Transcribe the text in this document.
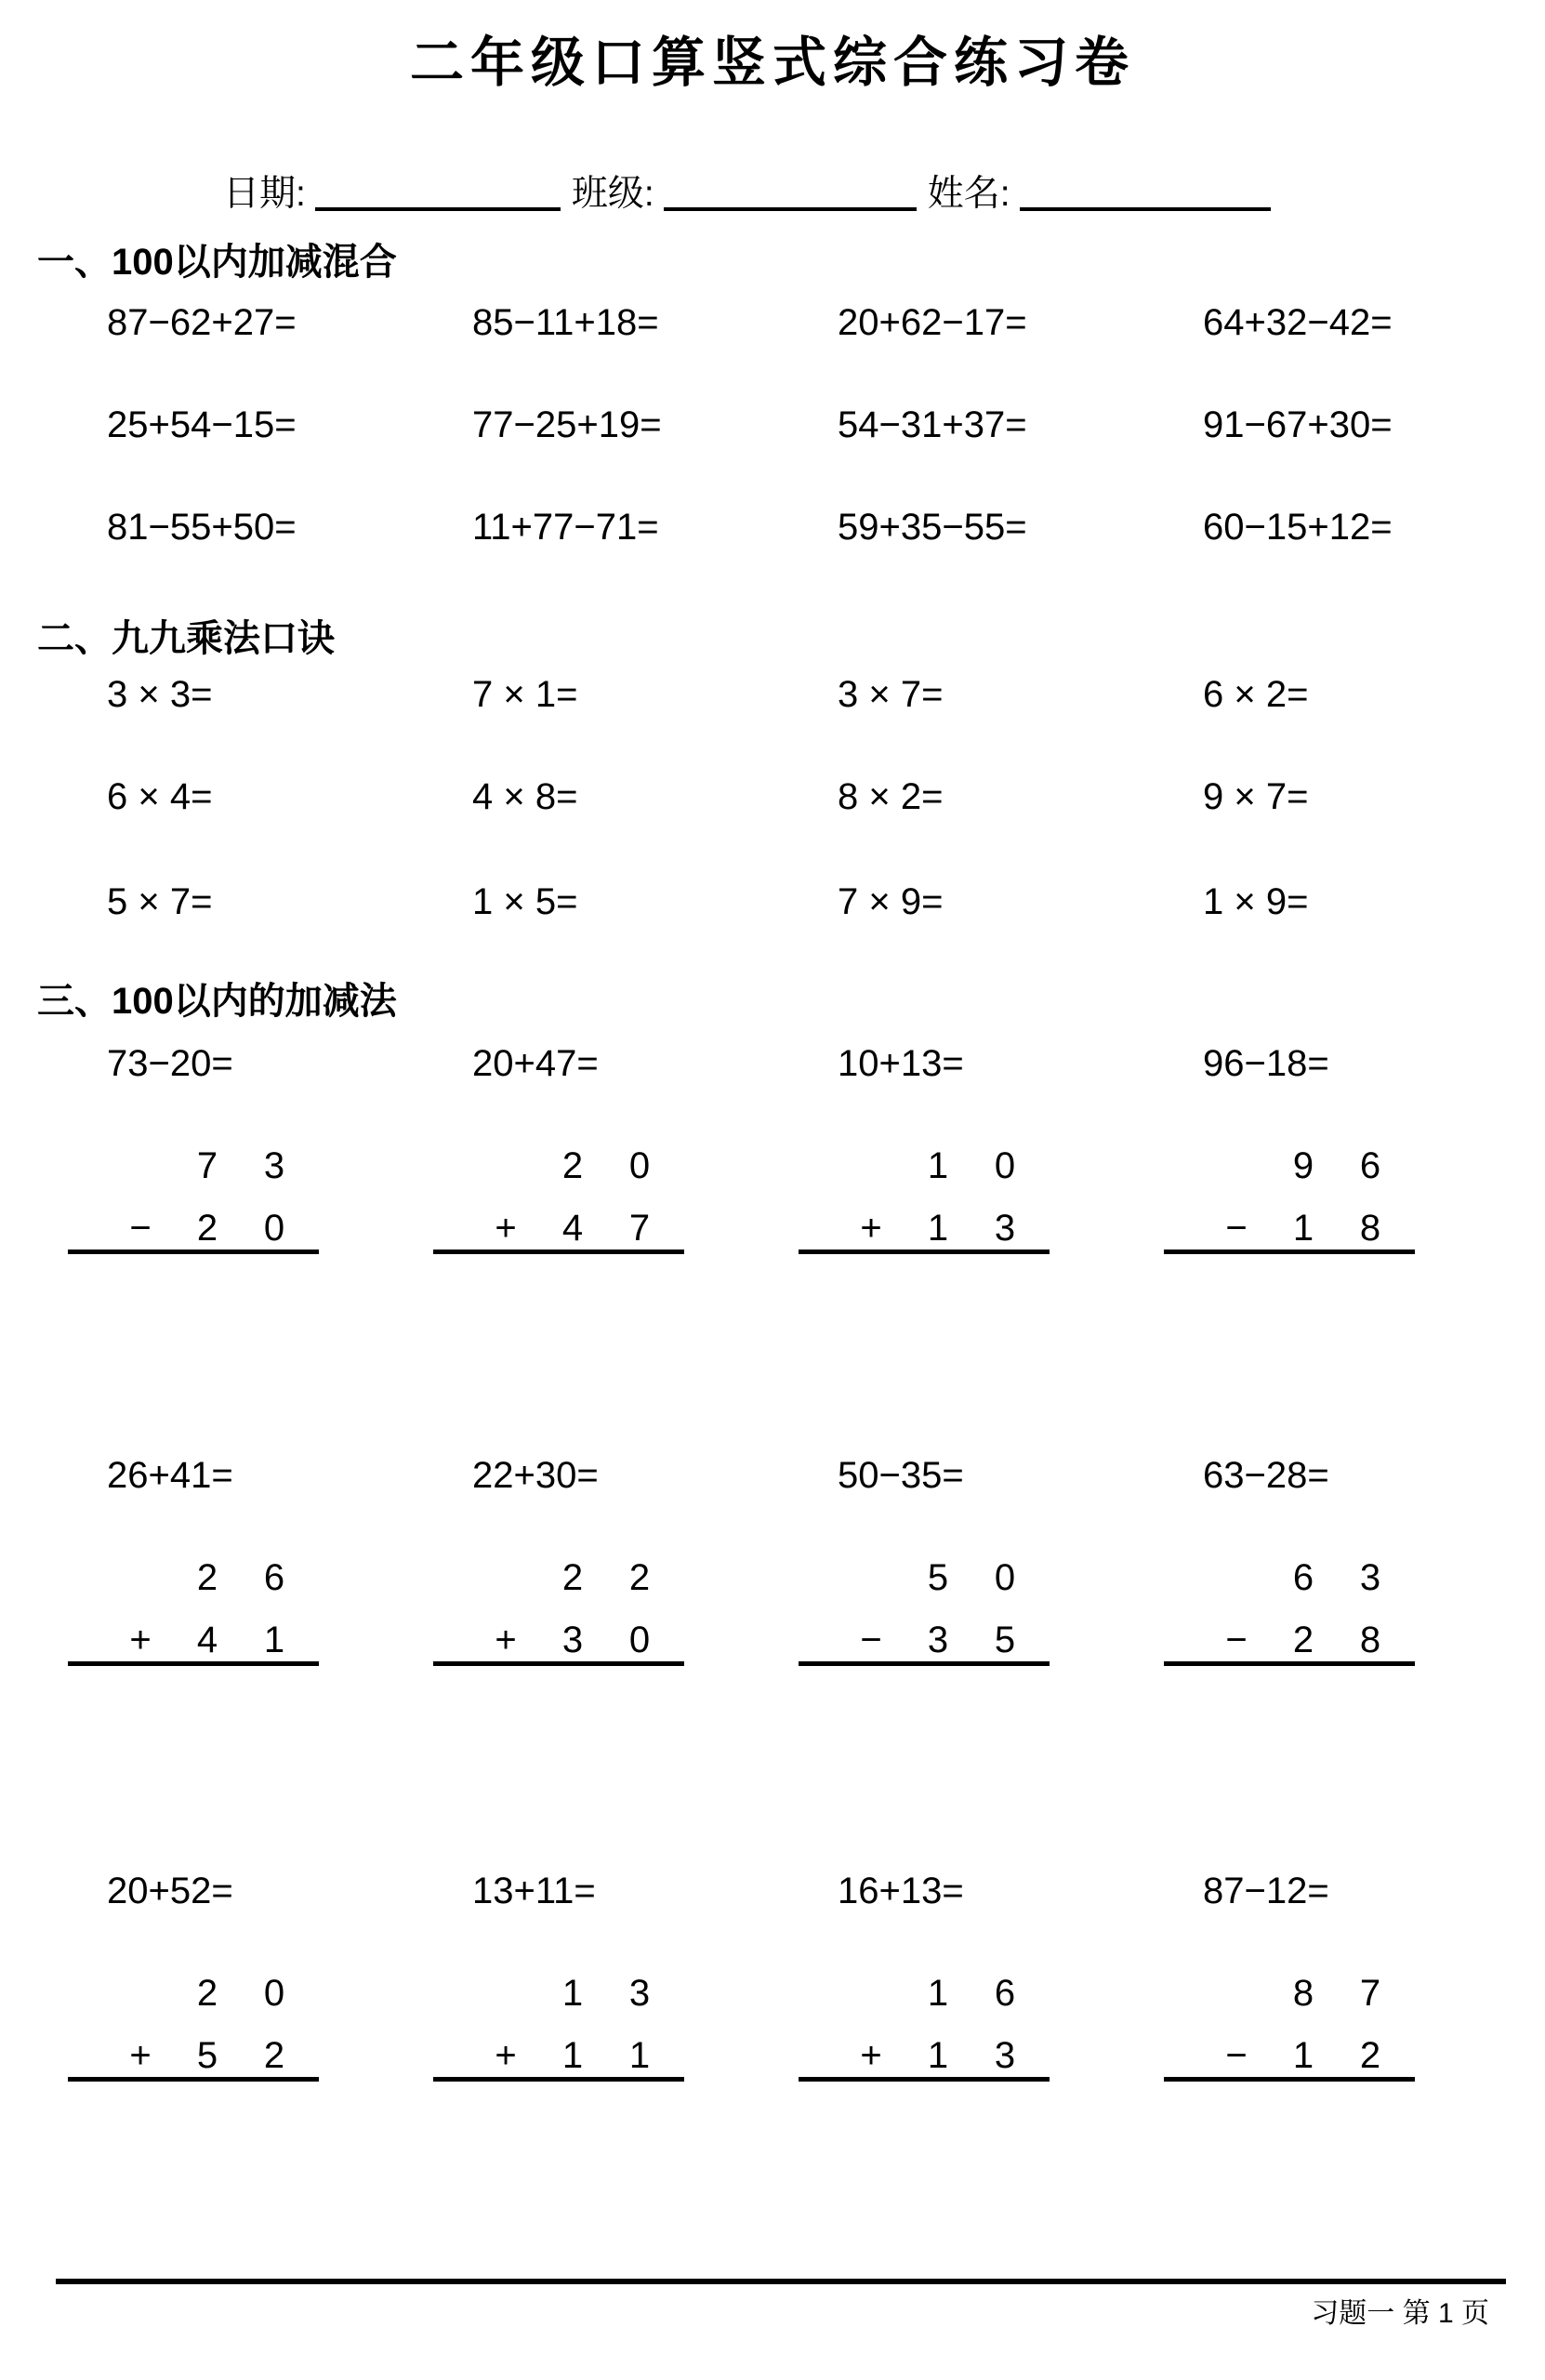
二年级口算竖式综合练习卷
日期:	班级:	姓名:
一、100以内加减混合
87−62+27=	85−11+18=	20+62−17=	64+32−42=
25+54−15=	77−25+19=	54−31+37=	91−67+30=
81−55+50=	11+77−71=	59+35−55=	60−15+12=
二、九九乘法口诀
3 × 3=	7 × 1=	3 × 7=	6 × 2=
6 × 4=	4 × 8=	8 × 2=	9 × 7=
5 × 7=	1 × 5=	7 × 9=	1 × 9=
三、100以内的加减法
73−20=
7	3
−	2	0
20+47=
2	0
+	4	7
10+13=
1	0
+	1	3
96−18=
9	6
−	1	8
26+41=
2	6
+	4	1
22+30=
2	2
+	3	0
50−35=
5	0
−	3	5
63−28=
6	3
−	2	8
20+52=
2	0
+	5	2
13+11=
1	3
+	1	1
16+13=
1	6
+	1	3
87−12=
8	7
−	1	2
习题一 第 1 页
